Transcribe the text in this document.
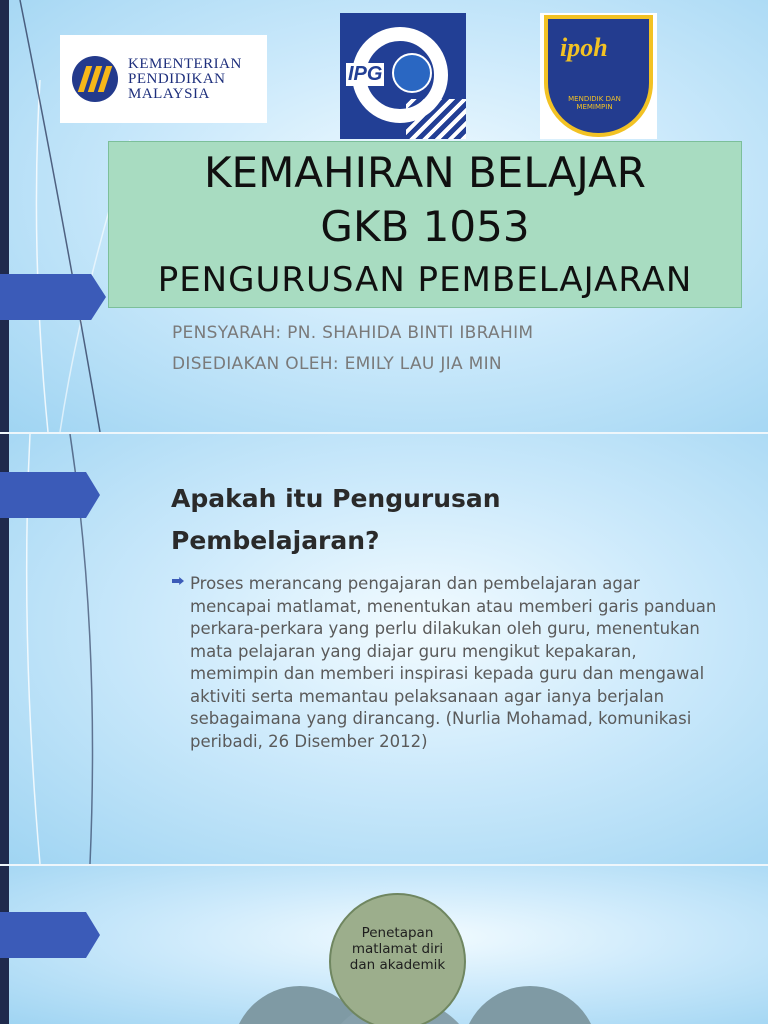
KEMENTERIAN
PENDIDIKAN
MALAYSIA
IPG
ipoh
MENDIDIK DAN MEMIMPIN
KEMAHIRAN BELAJAR
GKB 1053
PENGURUSAN PEMBELAJARAN
PENSYARAH: PN. SHAHIDA BINTI IBRAHIM
DISEDIAKAN OLEH: EMILY LAU JIA MIN
Apakah itu Pengurusan Pembelajaran?
Proses merancang pengajaran dan pembelajaran agar mencapai matlamat, menentukan atau memberi garis panduan perkara-perkara yang perlu dilakukan oleh guru, menentukan mata pelajaran yang diajar guru mengikut kepakaran, memimpin dan memberi inspirasi kepada guru dan mengawal aktiviti serta memantau pelaksanaan agar ianya berjalan sebagaimana yang dirancang. (Nurlia Mohamad, komunikasi peribadi, 26 Disember 2012)
Penetapan matlamat diri dan akademik
